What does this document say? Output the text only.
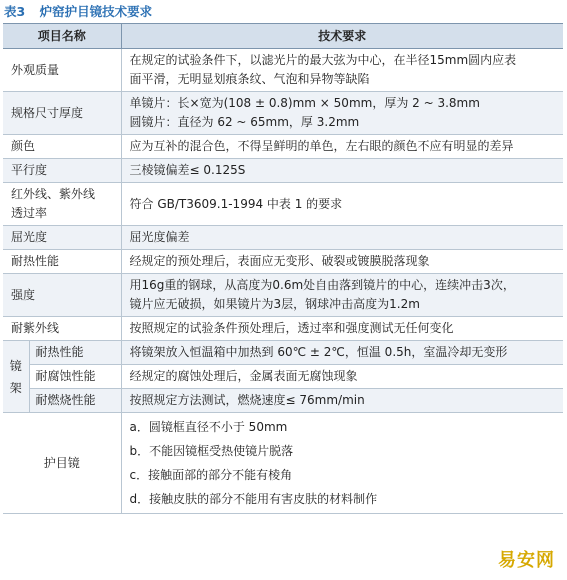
表3 炉窑护目镜技术要求
项目名称		技术要求
外观质量		在规定的试验条件下，以滤光片的最大弦为中心，在半径15mm圆内应表
面平滑，无明显划痕条纹、气泡和异物等缺陷

规格尺寸厚度		单镜片：长×宽为(108 ± 0.8)mm × 50mm，厚为 2 ~ 3.8mm
圆镜片：直径为 62 ~ 65mm，厚 3.2mm

颜色		应为互补的混合色，不得呈鲜明的单色，左右眼的颜色不应有明显的差异
平行度		三棱镜偏差≤ 0.125S

红外线、紫外线
透过率		符合 GB/T3609.1-1994 中表 1 的要求
屈光度		屈光度偏差
耐热性能		经规定的预处理后，表面应无变形、破裂或镀膜脱落现象
强度		用16g重的钢球，从高度为0.6m处自由落到镜片的中心，连续冲击3次，
镜片应无破损，如果镜片为3层，钢球冲击高度为1.2m

耐紫外线		按照规定的试验条件预处理后，透过率和强度测试无任何变化

镜
架	耐热性能	将镜架放入恒温箱中加热到 60℃ ± 2℃，恒温 0.5h，室温冷却无变形
	耐腐蚀性能	经规定的腐蚀处理后，金属表面无腐蚀现象
	耐燃烧性能	按照规定方法测试，燃烧速度≤ 76mm/min
护目镜		a．圆镜框直径不小于 50mm
b．不能因镜框受热使镜片脱落
c．接触面部的部分不能有棱角
d．接触皮肤的部分不能用有害皮肤的材料制作
易安网
